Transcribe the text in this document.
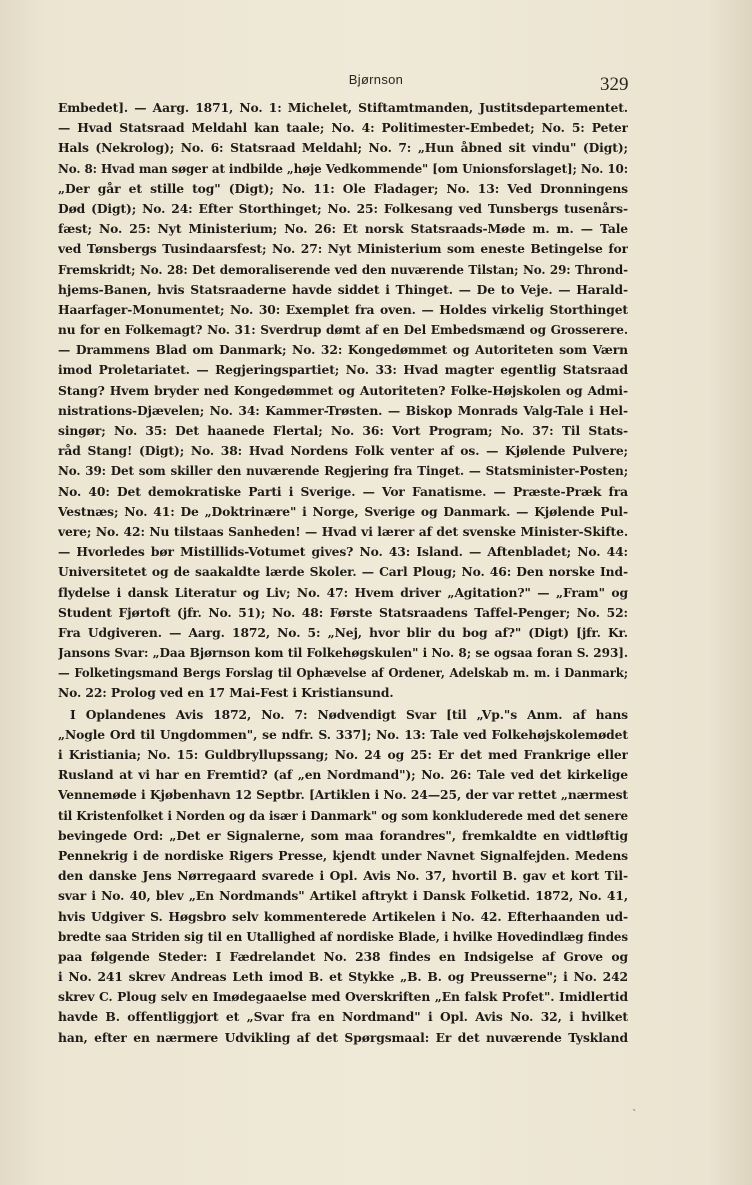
Bjørnson	329
Embedet]. — Aarg. 1871, No. 1: Michelet, Stiftamtmanden, Justitsdepartementet.
— Hvad Statsraad Meldahl kan taale; No. 4: Politimester-Embedet; No. 5: Peter
Hals (Nekrolog); No. 6: Statsraad Meldahl; No. 7: „Hun åbned sit vindu" (Digt);
No. 8: Hvad man søger at indbilde „høje Vedkommende" [om Unionsforslaget]; No. 10:
„Der går et stille tog" (Digt); No. 11: Ole Fladager; No. 13: Ved Dronningens
Død (Digt); No. 24: Efter Storthinget; No. 25: Folkesang ved Tunsbergs tusenårs-
fæst; No. 25: Nyt Ministerium; No. 26: Et norsk Statsraads-Møde m. m. — Tale
ved Tønsbergs Tusindaarsfest; No. 27: Nyt Ministerium som eneste Betingelse for
Fremskridt; No. 28: Det demoraliserende ved den nuværende Tilstan; No. 29: Thrond-
hjems-Banen, hvis Statsraaderne havde siddet i Thinget. — De to Veje. — Harald-
Haarfager-Monumentet; No. 30: Exemplet fra oven. — Holdes virkelig Storthinget
nu for en Folkemagt? No. 31: Sverdrup dømt af en Del Embedsmænd og Grosserere.
— Drammens Blad om Danmark; No. 32: Kongedømmet og Autoriteten som Værn
imod Proletariatet. — Regjeringspartiet; No. 33: Hvad magter egentlig Statsraad
Stang? Hvem bryder ned Kongedømmet og Autoriteten? Folke-Højskolen og Admi-
nistrations-Djævelen; No. 34: Kammer-Trøsten. — Biskop Monrads Valg-Tale i Hel-
singør; No. 35: Det haanede Flertal; No. 36: Vort Program; No. 37: Til Stats-
råd Stang! (Digt); No. 38: Hvad Nordens Folk venter af os. — Kjølende Pulvere;
No. 39: Det som skiller den nuværende Regjering fra Tinget. — Statsminister-Posten;
No. 40: Det demokratiske Parti i Sverige. — Vor Fanatisme. — Præste-Præk fra
Vestnæs; No. 41: De „Doktrinære" i Norge, Sverige og Danmark. — Kjølende Pul-
vere; No. 42: Nu tilstaas Sanheden! — Hvad vi lærer af det svenske Minister-Skifte.
— Hvorledes bør Mistillids-Votumet gives? No. 43: Island. — Aftenbladet; No. 44:
Universitetet og de saakaldte lærde Skoler. — Carl Ploug; No. 46: Den norske Ind-
flydelse i dansk Literatur og Liv; No. 47: Hvem driver „Agitation?" — „Fram" og
Student Fjørtoft (jfr. No. 51); No. 48: Første Statsraadens Taffel-Penger; No. 52:
Fra Udgiveren. — Aarg. 1872, No. 5: „Nej, hvor blir du bog af?" (Digt) [jfr. Kr.
Jansons Svar: „Daa Bjørnson kom til Folkehøgskulen" i No. 8; se ogsaa foran S. 293].
— Folketingsmand Bergs Forslag til Ophævelse af Ordener, Adelskab m. m. i Danmark;
No. 22: Prolog ved en 17 Mai-Fest i Kristiansund.
I Oplandenes Avis 1872, No. 7: Nødvendigt Svar [til „Vp."s Anm. af hans
„Nogle Ord til Ungdommen", se ndfr. S. 337]; No. 13: Tale ved Folkehøjskolemødet
i Kristiania; No. 15: Guldbryllupssang; No. 24 og 25: Er det med Frankrige eller
Rusland at vi har en Fremtid? (af „en Nordmand"); No. 26: Tale ved det kirkelige
Vennemøde i Kjøbenhavn 12 Septbr. [Artiklen i No. 24—25, der var rettet „nærmest
til Kristenfolket i Norden og da især i Danmark" og som konkluderede med det senere
bevingede Ord: „Det er Signalerne, som maa forandres", fremkaldte en vidtløftig
Pennekrig i de nordiske Rigers Presse, kjendt under Navnet Signalfejden. Medens
den danske Jens Nørregaard svarede i Opl. Avis No. 37, hvortil B. gav et kort Til-
svar i No. 40, blev „En Nordmands" Artikel aftrykt i Dansk Folketid. 1872, No. 41,
hvis Udgiver S. Høgsbro selv kommenterede Artikelen i No. 42. Efterhaanden ud-
bredte saa Striden sig til en Utallighed af nordiske Blade, i hvilke Hovedindlæg findes
paa følgende Steder: I Fædrelandet No. 238 findes en Indsigelse af Grove og
i No. 241 skrev Andreas Leth imod B. et Stykke „B. B. og Preusserne"; i No. 242
skrev C. Ploug selv en Imødegaaelse med Overskriften „En falsk Profet". Imidlertid
havde B. offentliggjort et „Svar fra en Nordmand" i Opl. Avis No. 32, i hvilket
han, efter en nærmere Udvikling af det Spørgsmaal: Er det nuværende Tyskland
`
